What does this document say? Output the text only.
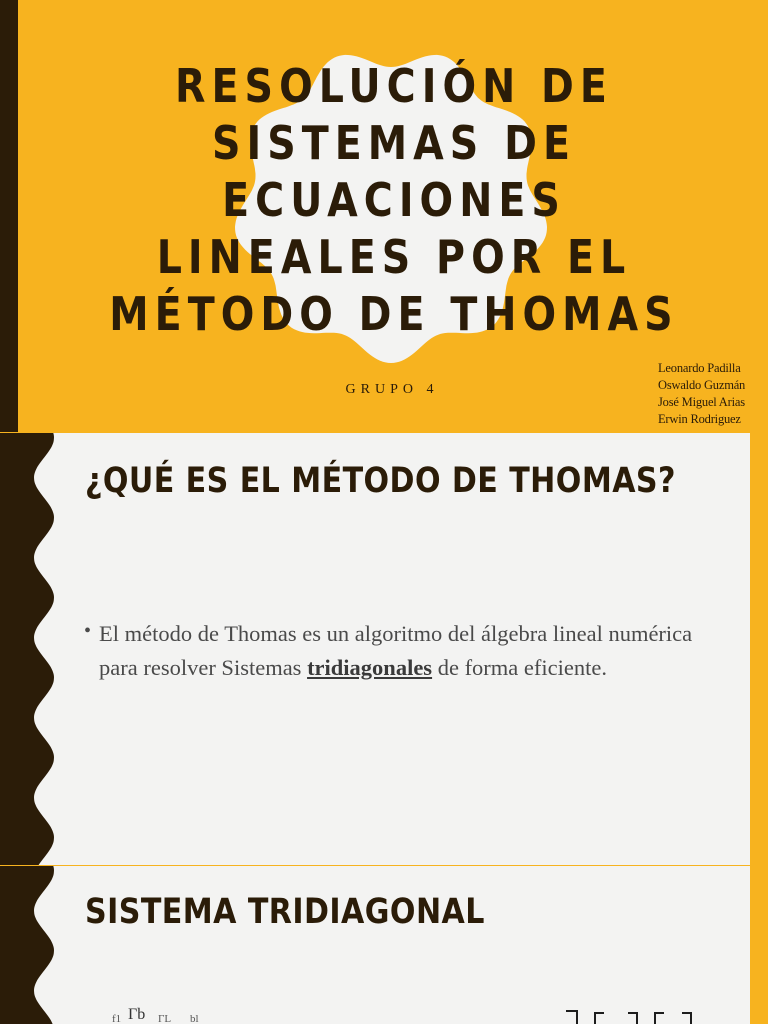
RESOLUCIÓN DE SISTEMAS DE ECUACIONES LINEALES POR EL MÉTODO DE THOMAS
GRUPO 4
Leonardo Padilla
Oswaldo Guzmán
José Miguel Arias
Erwin Rodriguez
¿QUÉ ES EL MÉTODO DE THOMAS?
• El método de Thomas es un algoritmo del álgebra lineal numérica para resolver Sistemas tridiagonales de forma eficiente.
SISTEMA TRIDIAGONAL
f1 Γb ΓL bl
